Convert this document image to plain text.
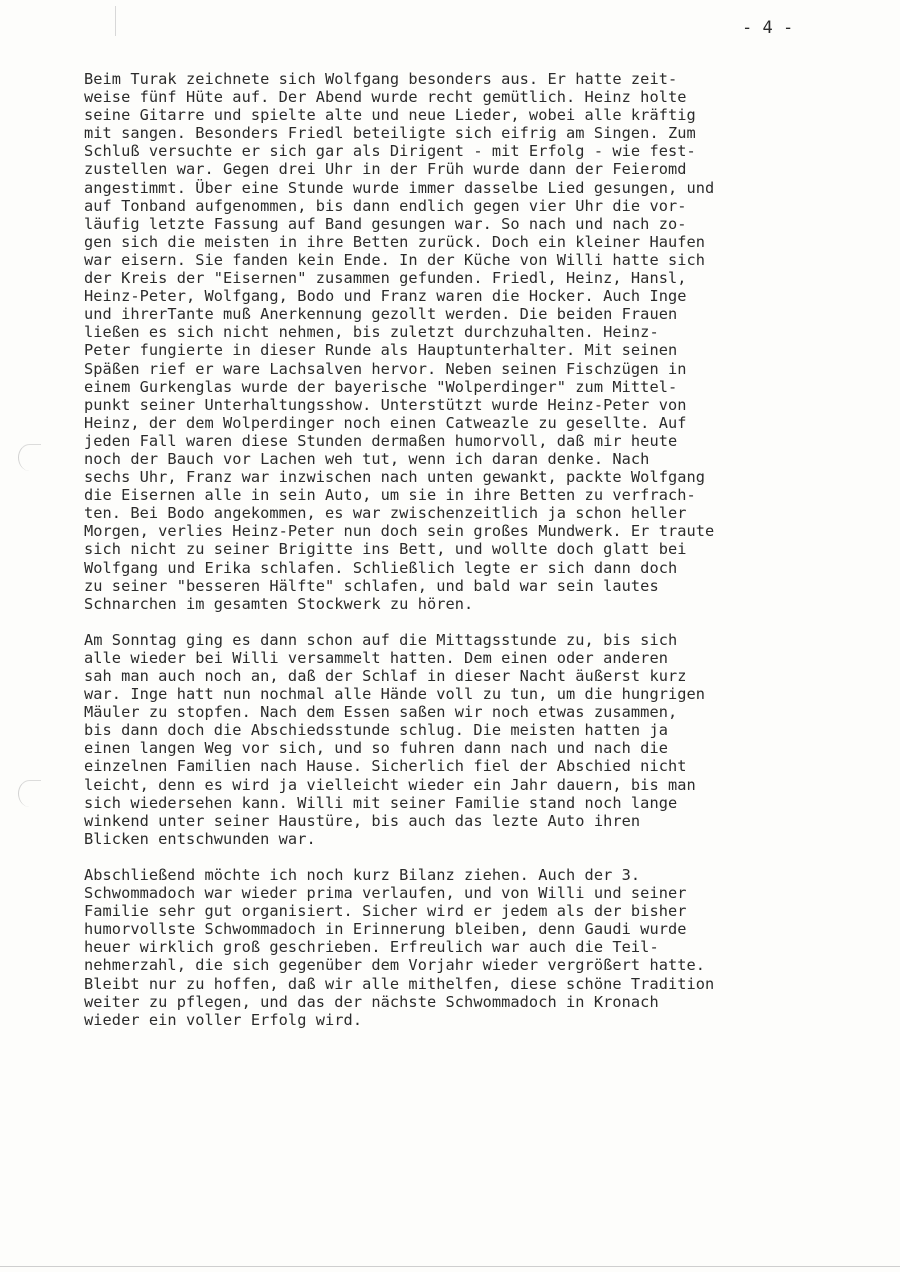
- 4 -
Beim Turak zeichnete sich Wolfgang besonders aus. Er hatte zeit-
weise fünf Hüte auf. Der Abend wurde recht gemütlich. Heinz holte
seine Gitarre und spielte alte und neue Lieder, wobei alle kräftig
mit sangen. Besonders Friedl beteiligte sich eifrig am Singen. Zum
Schluß versuchte er sich gar als Dirigent - mit Erfolg - wie fest-
zustellen war. Gegen drei Uhr in der Früh wurde dann der Feieromd
angestimmt. Über eine Stunde wurde immer dasselbe Lied gesungen, und
auf Tonband aufgenommen, bis dann endlich gegen vier Uhr die vor-
läufig letzte Fassung auf Band gesungen war. So nach und nach zo-
gen sich die meisten in ihre Betten zurück. Doch ein kleiner Haufen
war eisern. Sie fanden kein Ende. In der Küche von Willi hatte sich
der Kreis der "Eisernen" zusammen gefunden. Friedl, Heinz, Hansl,
Heinz-Peter, Wolfgang, Bodo und Franz waren die Hocker. Auch Inge
und ihrerTante muß Anerkennung gezollt werden. Die beiden Frauen
ließen es sich nicht nehmen, bis zuletzt durchzuhalten. Heinz-
Peter fungierte in dieser Runde als Hauptunterhalter. Mit seinen
Späßen rief er ware Lachsalven hervor. Neben seinen Fischzügen in
einem Gurkenglas wurde der bayerische "Wolperdinger" zum Mittel-
punkt seiner Unterhaltungsshow. Unterstützt wurde Heinz-Peter von
Heinz, der dem Wolperdinger noch einen Catweazle zu gesellte. Auf
jeden Fall waren diese Stunden dermaßen humorvoll, daß mir heute
noch der Bauch vor Lachen weh tut, wenn ich daran denke. Nach
sechs Uhr, Franz war inzwischen nach unten gewankt, packte Wolfgang
die Eisernen alle in sein Auto, um sie in ihre Betten zu verfrach-
ten. Bei Bodo angekommen, es war zwischenzeitlich ja schon heller
Morgen, verlies Heinz-Peter nun doch sein großes Mundwerk. Er traute
sich nicht zu seiner Brigitte ins Bett, und wollte doch glatt bei
Wolfgang und Erika schlafen. Schließlich legte er sich dann doch
zu seiner "besseren Hälfte" schlafen, und bald war sein lautes
Schnarchen im gesamten Stockwerk zu hören.
Am Sonntag ging es dann schon auf die Mittagsstunde zu, bis sich
alle wieder bei Willi versammelt hatten. Dem einen oder anderen
sah man auch noch an, daß der Schlaf in dieser Nacht äußerst kurz
war. Inge hatt nun nochmal alle Hände voll zu tun, um die hungrigen
Mäuler zu stopfen. Nach dem Essen saßen wir noch etwas zusammen,
bis dann doch die Abschiedsstunde schlug. Die meisten hatten ja
einen langen Weg vor sich, und so fuhren dann nach und nach die
einzelnen Familien nach Hause. Sicherlich fiel der Abschied nicht
leicht, denn es wird ja vielleicht wieder ein Jahr dauern, bis man
sich wiedersehen kann. Willi mit seiner Familie stand noch lange
winkend unter seiner Haustüre, bis auch das lezte Auto ihren
Blicken entschwunden war.
Abschließend möchte ich noch kurz Bilanz ziehen. Auch der 3.
Schwommadoch war wieder prima verlaufen, und von Willi und seiner
Familie sehr gut organisiert. Sicher wird er jedem als der bisher
humorvollste Schwommadoch in Erinnerung bleiben, denn Gaudi wurde
heuer wirklich groß geschrieben. Erfreulich war auch die Teil-
nehmerzahl, die sich gegenüber dem Vorjahr wieder vergrößert hatte.
Bleibt nur zu hoffen, daß wir alle mithelfen, diese schöne Tradition
weiter zu pflegen, und das der nächste Schwommadoch in Kronach
wieder ein voller Erfolg wird.
